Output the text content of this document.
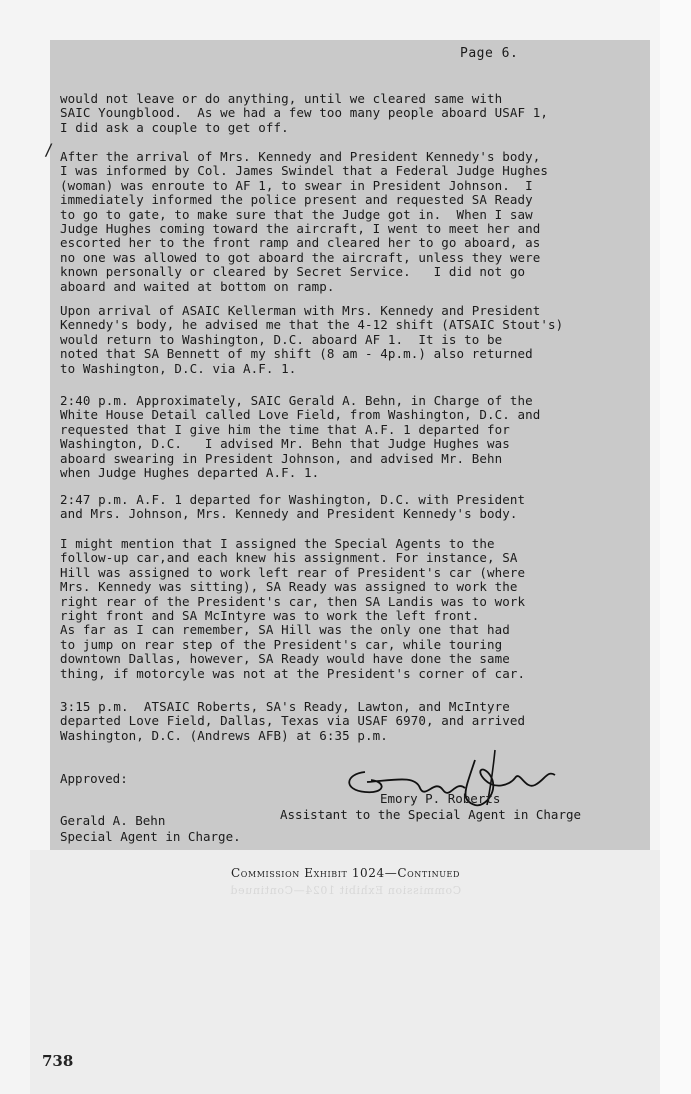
Page 6.
would not leave or do anything, until we cleared same with
SAIC Youngblood.  As we had a few too many people aboard USAF 1,
I did ask a couple to get off.
/ After the arrival of Mrs. Kennedy and President Kennedy's body,
I was informed by Col. James Swindel that a Federal Judge Hughes
(woman) was enroute to AF 1, to swear in President Johnson.  I
immediately informed the police present and requested SA Ready
to go to gate, to make sure that the Judge got in.  When I saw
Judge Hughes coming toward the aircraft, I went to meet her and
escorted her to the front ramp and cleared her to go aboard, as
no one was allowed to got aboard the aircraft, unless they were
known personally or cleared by Secret Service.   I did not go
aboard and waited at bottom on ramp.
Upon arrival of ASAIC Kellerman with Mrs. Kennedy and President
Kennedy's body, he advised me that the 4-12 shift (ATSAIC Stout's)
would return to Washington, D.C. aboard AF 1.  It is to be
noted that SA Bennett of my shift (8 am - 4p.m.) also returned
to Washington, D.C. via A.F. 1.
2:40 p.m. Approximately, SAIC Gerald A. Behn, in Charge of the
White House Detail called Love Field, from Washington, D.C. and
requested that I give him the time that A.F. 1 departed for
Washington, D.C.   I advised Mr. Behn that Judge Hughes was
aboard swearing in President Johnson, and advised Mr. Behn
when Judge Hughes departed A.F. 1.
2:47 p.m. A.F. 1 departed for Washington, D.C. with President
and Mrs. Johnson, Mrs. Kennedy and President Kennedy's body.
I might mention that I assigned the Special Agents to the
follow-up car,and each knew his assignment. For instance, SA
Hill was assigned to work left rear of President's car (where
Mrs. Kennedy was sitting), SA Ready was assigned to work the
right rear of the President's car, then SA Landis was to work
right front and SA McIntyre was to work the left front.
As far as I can remember, SA Hill was the only one that had
to jump on rear step of the President's car, while touring
downtown Dallas, however, SA Ready would have done the same
thing, if motorcyle was not at the President's corner of car.
3:15 p.m.  ATSAIC Roberts, SA's Ready, Lawton, and McIntyre
departed Love Field, Dallas, Texas via USAF 6970, and arrived
Washington, D.C. (Andrews AFB) at 6:35 p.m.
Approved:
Emory P. Roberts
Assistant to the Special Agent in Charge
Gerald A. Behn
Special Agent in Charge.
Commission Exhibit 1024—Continued
Commission Exhibit 1024—Continued
738
